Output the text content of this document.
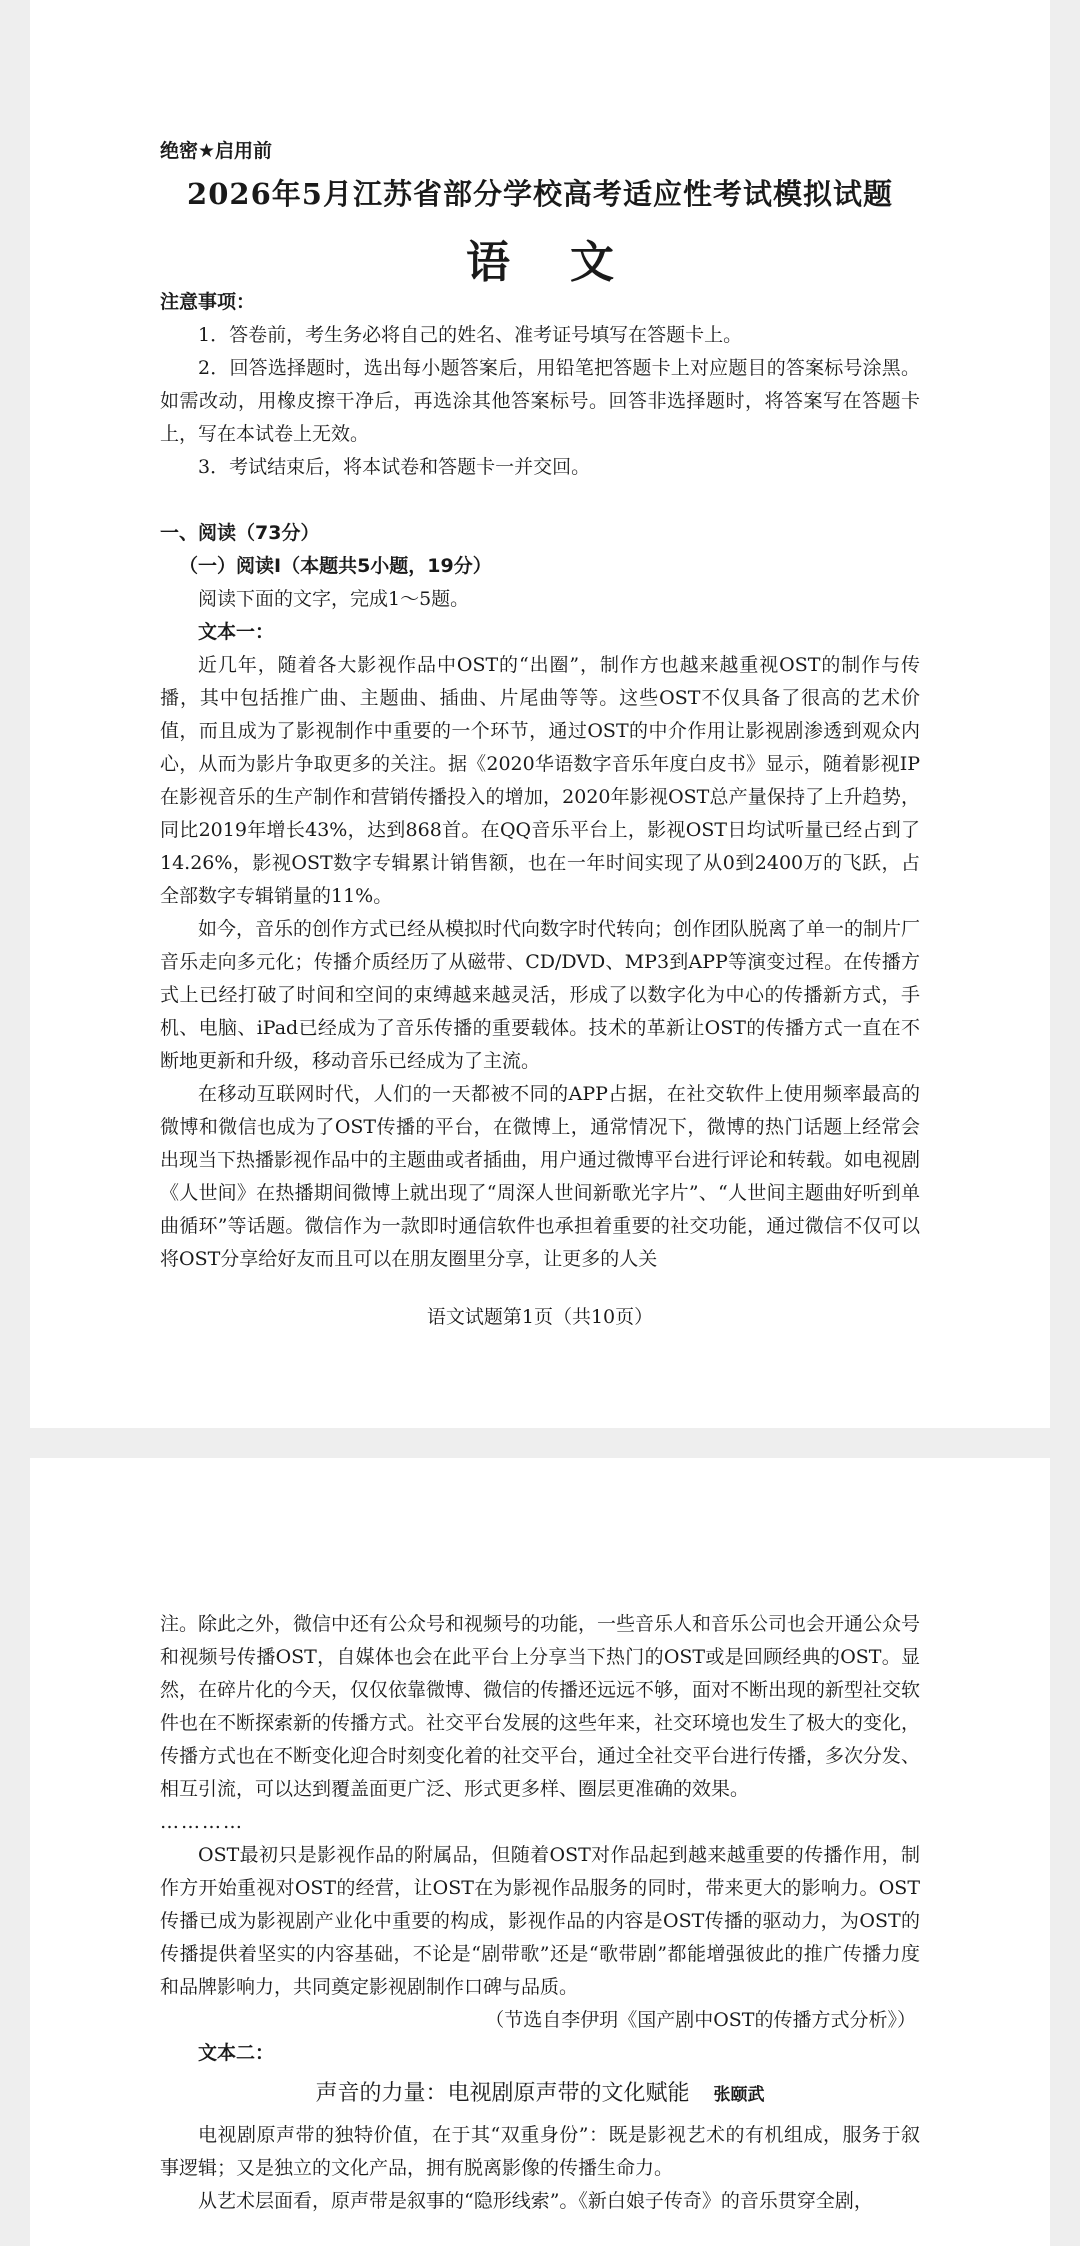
绝密★启用前
2026年5月江苏省部分学校高考适应性考试模拟试题
语文

注意事项：

1．答卷前，考生务必将自己的姓名、准考证号填写在答题卡上。

2．回答选择题时，选出每小题答案后，用铅笔把答题卡上对应题目的答案标号涂黑。如需改动，用橡皮擦干净后，再选涂其他答案标号。回答非选择题时，将答案写在答题卡上，写在本试卷上无效。

3．考试结束后，将本试卷和答题卡一并交回。

一、阅读（73分）

（一）阅读Ⅰ（本题共5小题，19分）

阅读下面的文字，完成1～5题。

文本一：

近几年，随着各大影视作品中OST的“出圈”，制作方也越来越重视OST的制作与传播，其中包括推广曲、主题曲、插曲、片尾曲等等。这些OST不仅具备了很高的艺术价值，而且成为了影视制作中重要的一个环节，通过OST的中介作用让影视剧渗透到观众内心，从而为影片争取更多的关注。据《2020华语数字音乐年度白皮书》显示，随着影视IP在影视音乐的生产制作和营销传播投入的增加，2020年影视OST总产量保持了上升趋势，同比2019年增长43%，达到868首。在QQ音乐平台上，影视OST日均试听量已经占到了14.26%，影视OST数字专辑累计销售额，也在一年时间实现了从0到2400万的飞跃，占全部数字专辑销量的11%。

如今，音乐的创作方式已经从模拟时代向数字时代转向；创作团队脱离了单一的制片厂音乐走向多元化；传播介质经历了从磁带、CD/DVD、MP3到APP等演变过程。在传播方式上已经打破了时间和空间的束缚越来越灵活，形成了以数字化为中心的传播新方式，手机、电脑、iPad已经成为了音乐传播的重要载体。技术的革新让OST的传播方式一直在不断地更新和升级，移动音乐已经成为了主流。

在移动互联网时代，人们的一天都被不同的APP占据，在社交软件上使用频率最高的微博和微信也成为了OST传播的平台，在微博上，通常情况下，微博的热门话题上经常会出现当下热播影视作品中的主题曲或者插曲，用户通过微博平台进行评论和转载。如电视剧《人世间》在热播期间微博上就出现了“周深人世间新歌光字片”、“人世间主题曲好听到单曲循环”等话题。微信作为一款即时通信软件也承担着重要的社交功能，通过微信不仅可以将OST分享给好友而且可以在朋友圈里分享，让更多的人关

语文试题第1页（共10页）

注。除此之外，微信中还有公众号和视频号的功能，一些音乐人和音乐公司也会开通公众号和视频号传播OST，自媒体也会在此平台上分享当下热门的OST或是回顾经典的OST。显然，在碎片化的今天，仅仅依靠微博、微信的传播还远远不够，面对不断出现的新型社交软件也在不断探索新的传播方式。社交平台发展的这些年来，社交环境也发生了极大的变化，传播方式也在不断变化迎合时刻变化着的社交平台，通过全社交平台进行传播，多次分发、相互引流，可以达到覆盖面更广泛、形式更多样、圈层更准确的效果。

…………

OST最初只是影视作品的附属品，但随着OST对作品起到越来越重要的传播作用，制作方开始重视对OST的经营，让OST在为影视作品服务的同时，带来更大的影响力。OST传播已成为影视剧产业化中重要的构成，影视作品的内容是OST传播的驱动力，为OST的传播提供着坚实的内容基础，不论是“剧带歌”还是“歌带剧”都能增强彼此的推广传播力度和品牌影响力，共同奠定影视剧制作口碑与品质。

（节选自李伊玥《国产剧中OST的传播方式分析》）

文本二：

声音的力量：电视剧原声带的文化赋能 张颐武

电视剧原声带的独特价值，在于其“双重身份”：既是影视艺术的有机组成，服务于叙事逻辑；又是独立的文化产品，拥有脱离影像的传播生命力。

从艺术层面看，原声带是叙事的“隐形线索”。《新白娘子传奇》的音乐贯穿全剧，
